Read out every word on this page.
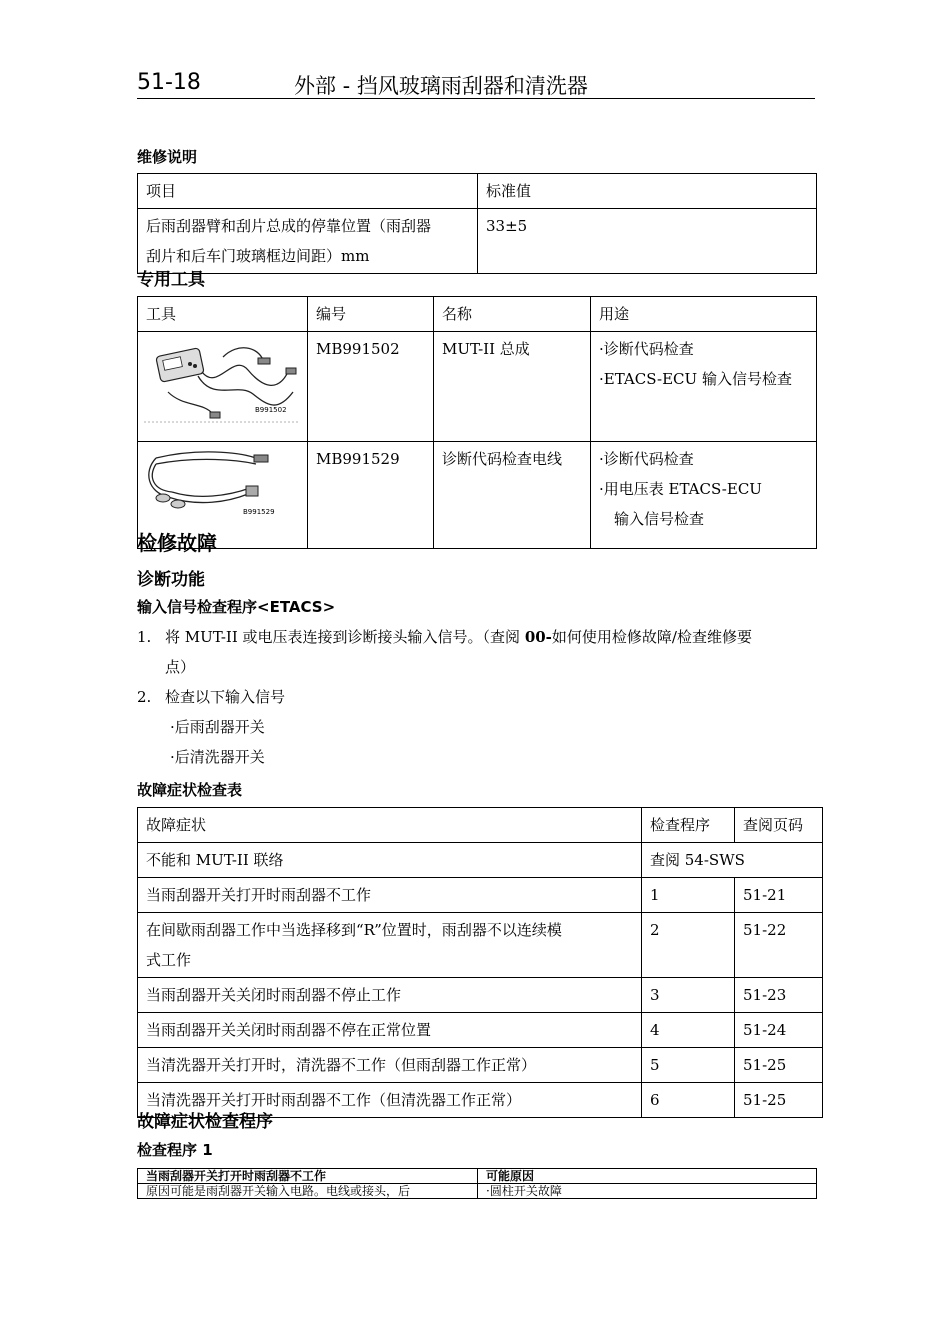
51-18	外部 - 挡风玻璃雨刮器和清洗器
维修说明
项目	标准值
后雨刮器臂和刮片总成的停靠位置（雨刮器
刮片和后车门玻璃框边间距）mm	33±5
专用工具
工具	编号	名称	用途

B991502	MB991502	MUT-II 总成	·诊断代码检查
·ETACS-ECU 输入信号检查

B991529	MB991529	诊断代码检查电线	·诊断代码检查
·用电压表 ETACS-ECU
　输入信号检查
检修故障
诊断功能
输入信号检查程序<ETACS>
1. 将 MUT-II 或电压表连接到诊断接头输入信号。（查阅 00-如何使用检修故障/检查维修要
点）
2. 检查以下输入信号
·后雨刮器开关
·后清洗器开关
故障症状检查表
故障症状	检查程序	查阅页码
不能和 MUT-II 联络	查阅 54-SWS	
当雨刮器开关打开时雨刮器不工作	1	51-21
在间歇雨刮器工作中当选择移到“R”位置时，雨刮器不以连续模
式工作	2	51-22
当雨刮器开关关闭时雨刮器不停止工作	3	51-23
当雨刮器开关关闭时雨刮器不停在正常位置	4	51-24
当清洗器开关打开时，清洗器不工作（但雨刮器工作正常）	5	51-25
当清洗器开关打开时雨刮器不工作（但清洗器工作正常）	6	51-25
故障症状检查程序
检查程序 1
当雨刮器开关打开时雨刮器不工作	可能原因
原因可能是雨刮器开关输入电路。电线或接头，后	·圆柱开关故障
